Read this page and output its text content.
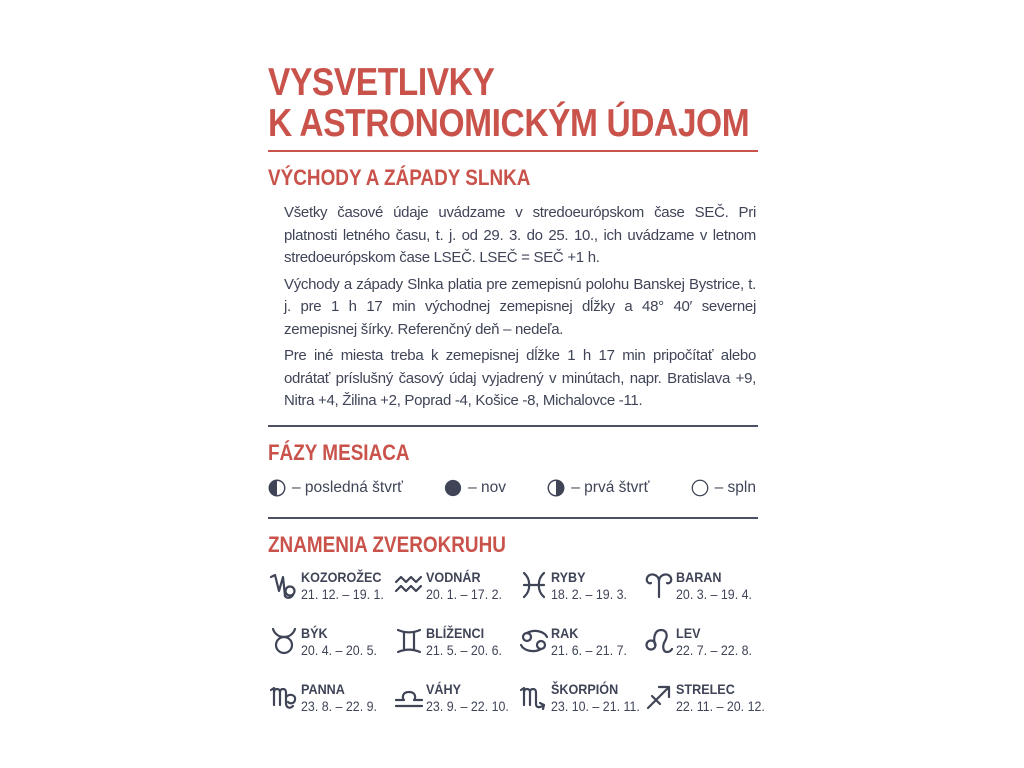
VYSVETLIVKY
K ASTRONOMICKÝM ÚDAJOM
VÝCHODY A ZÁPADY SLNKA

Všetky časové údaje uvádzame v stredoeurópskom čase SEČ. Pri platnosti letného času, t. j. od 29. 3. do 25. 10., ich uvádzame v letnom stredoeurópskom čase LSEČ. LSEČ = SEČ +1 h.

Východy a západy Slnka platia pre zemepisnú polohu Banskej Bystrice, t. j. pre 1 h 17 min východnej zemepisnej dĺžky a 48° 40′ severnej zemepisnej šírky. Referenčný deň – nedeľa.

Pre iné miesta treba k zemepisnej dĺžke 1 h 17 min pripočítať alebo odrátať príslušný časový údaj vyjadrený v minútach, napr. Bratislava +9, Nitra +4, Žilina +2, Poprad -4, Košice -8, Michalovce -11.

FÁZY MESIACA
– posledná štvrť	– nov	– prvá štvrť	– spln
ZNAMENIA ZVEROKRUHU
KOZOROŽEC
21. 12. – 19. 1.
VODNÁR
20. 1. – 17. 2.
RYBY
18. 2. – 19. 3.
BARAN
20. 3. – 19. 4.
BÝK
20. 4. – 20. 5.
BLÍŽENCI
21. 5. – 20. 6.
RAK
21. 6. – 21. 7.
LEV
22. 7. – 22. 8.
PANNA
23. 8. – 22. 9.
VÁHY
23. 9. – 22. 10.
ŠKORPIÓN
23. 10. – 21. 11.
STRELEC
22. 11. – 20. 12.
